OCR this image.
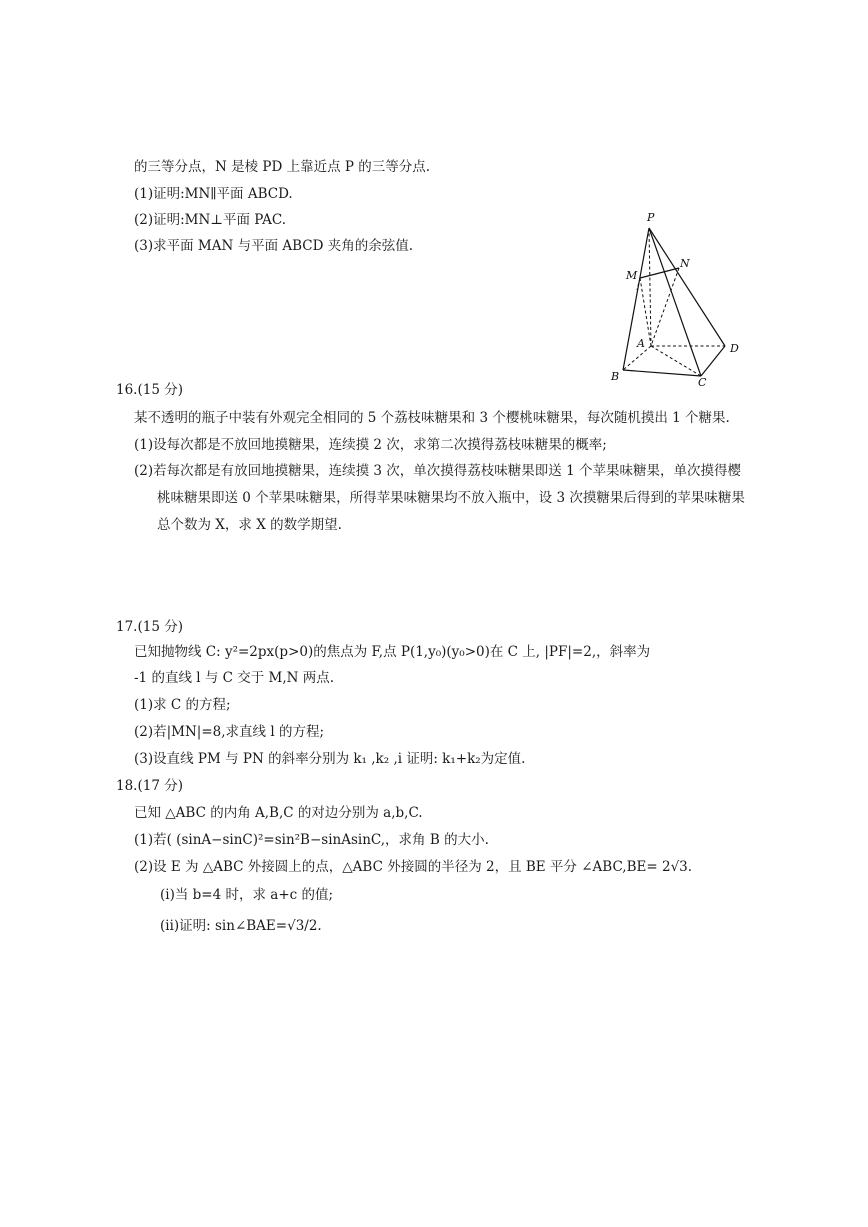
的三等分点，N 是棱 PD 上靠近点 P 的三等分点.
(1)证明:MN∥平面 ABCD.
(2)证明:MN⊥平面 PAC.
(3)求平面 MAN 与平面 ABCD 夹角的余弦值.
P
M
N
A
B	C
D
16.(15 分)
某不透明的瓶子中装有外观完全相同的 5 个荔枝味糖果和 3 个樱桃味糖果，每次随机摸出 1 个糖果.
(1)设每次都是不放回地摸糖果，连续摸 2 次，求第二次摸得荔枝味糖果的概率;
(2)若每次都是有放回地摸糖果，连续摸 3 次，单次摸得荔枝味糖果即送 1 个苹果味糖果，单次摸得樱
桃味糖果即送 0 个苹果味糖果，所得苹果味糖果均不放入瓶中，设 3 次摸糖果后得到的苹果味糖果
总个数为 X，求 X 的数学期望.
17.(15 分)
已知抛物线 C: y²=2px(p>0)的焦点为 F,点 P(1,y₀)(y₀>0)在 C 上, |PF|=2,，斜率为
-1 的直线 l 与 C 交于 M,N 两点.
(1)求 C 的方程;
(2)若|MN|=8,求直线 l 的方程;
(3)设直线 PM 与 PN 的斜率分别为 k₁ ,k₂ ,i 证明: k₁+k₂为定值.
18.(17 分)
已知 △ABC 的内角 A,B,C 的对边分别为 a,b,C.
(1)若( (sinA−sinC)²=sin²B−sinAsinC,，求角 B 的大小.
(2)设 E 为 △ABC 外接圆上的点，△ABC 外接圆的半径为 2，且 BE 平分 ∠ABC,BE= 2√3.
(ⅰ)当 b=4 时，求 a+c 的值;
(ⅱ)证明: sin∠BAE=√3/2.
